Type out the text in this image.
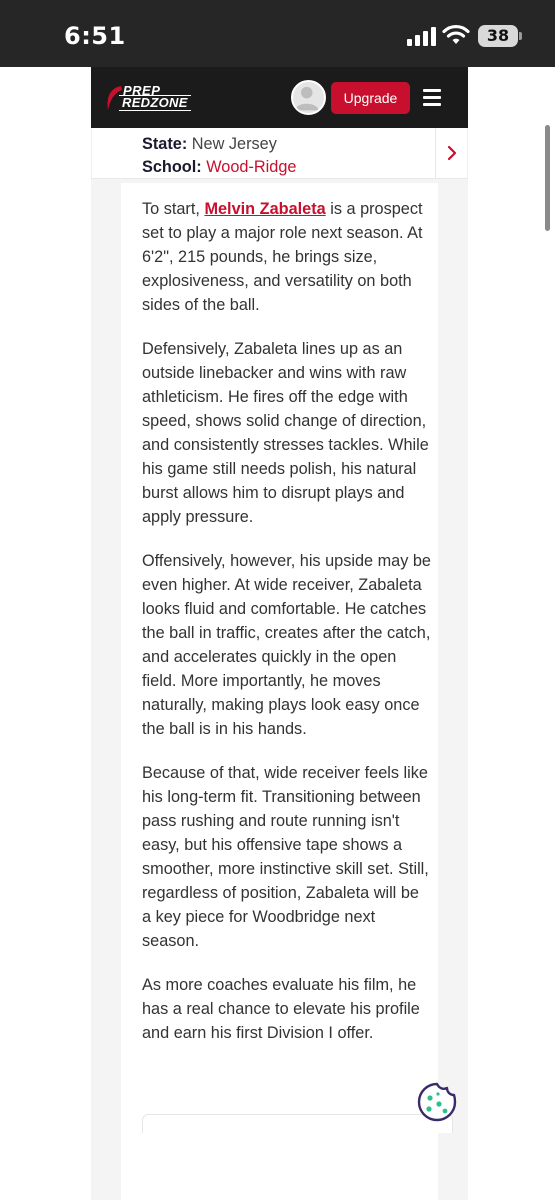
6:51	38
PREP
REDZONE	Upgrade
State: New Jersey
School: Wood-Ridge

To start, Melvin Zabaleta is a prospect set to play a major role next season. At 6'2", 215 pounds, he brings size, explosiveness, and versatility on both sides of the ball.

Defensively, Zabaleta lines up as an outside linebacker and wins with raw athleticism. He fires off the edge with speed, shows solid change of direction, and consistently stresses tackles. While his game still needs polish, his natural burst allows him to disrupt plays and apply pressure.

Offensively, however, his upside may be even higher. At wide receiver, Zabaleta looks fluid and comfortable. He catches the ball in traffic, creates after the catch, and accelerates quickly in the open field. More importantly, he moves naturally, making plays look easy once the ball is in his hands.

Because of that, wide receiver feels like his long-term fit. Transitioning between pass rushing and route running isn't easy, but his offensive tape shows a smoother, more instinctive skill set. Still, regardless of position, Zabaleta will be a key piece for Woodbridge next season.

As more coaches evaluate his film, he has a real chance to elevate his profile and earn his first Division I offer.
